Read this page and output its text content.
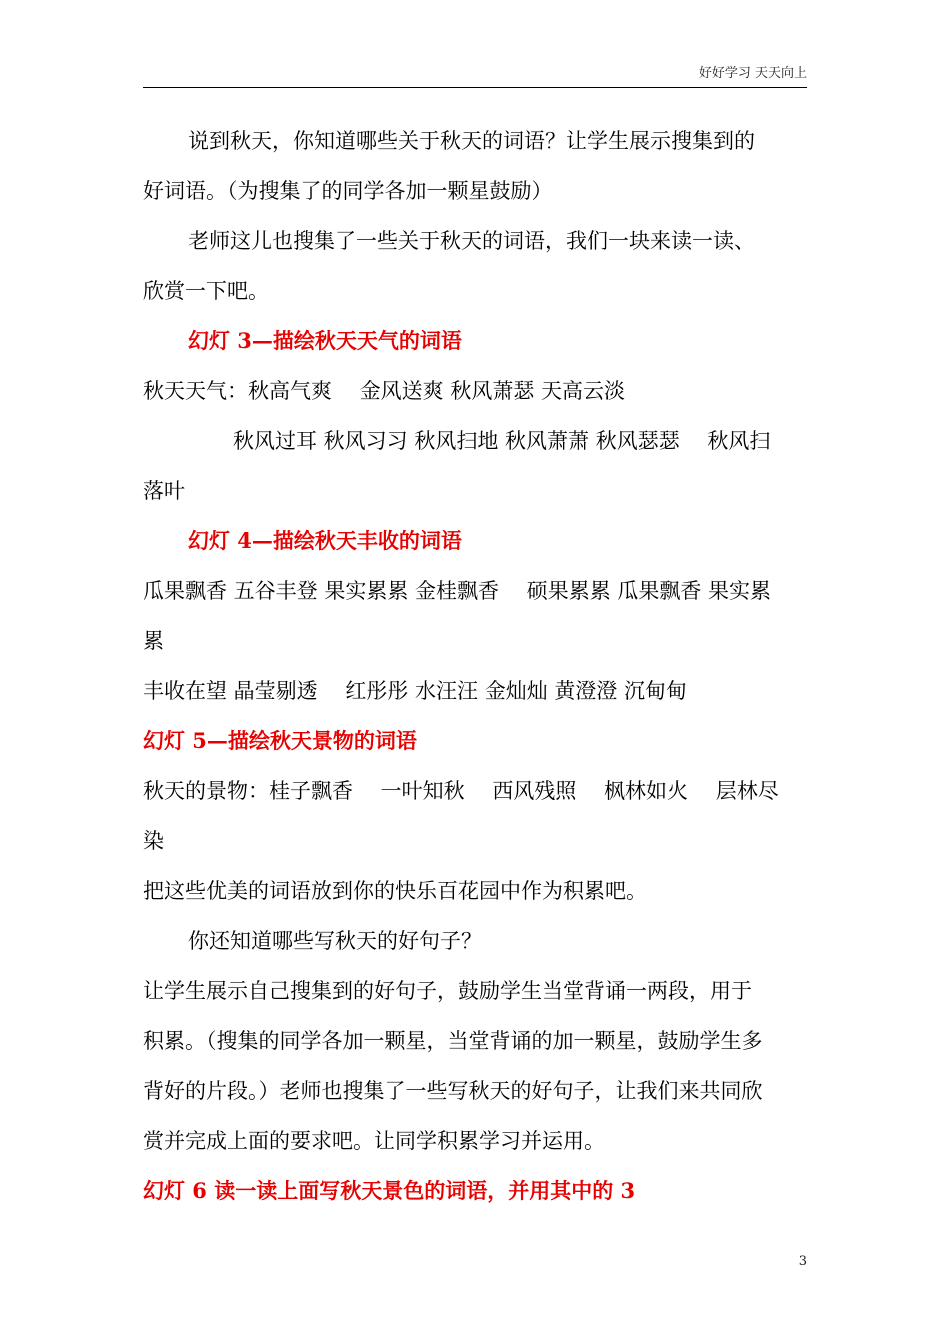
好好学习 天天向上
说到秋天，你知道哪些关于秋天的词语？让学生展示搜集到的
好词语。（为搜集了的同学各加一颗星鼓励）
老师这儿也搜集了一些关于秋天的词语，我们一块来读一读、
欣赏一下吧。
幻灯 3—描绘秋天天气的词语
秋天天气：秋高气爽　 金风送爽 秋风萧瑟 天高云淡
秋风过耳 秋风习习 秋风扫地 秋风萧萧 秋风瑟瑟　 秋风扫
落叶
幻灯 4—描绘秋天丰收的词语
瓜果飘香 五谷丰登 果实累累 金桂飘香　 硕果累累 瓜果飘香 果实累
累
丰收在望 晶莹剔透　 红彤彤 水汪汪 金灿灿 黄澄澄 沉甸甸
幻灯 5—描绘秋天景物的词语
秋天的景物：桂子飘香　 一叶知秋　 西风残照　 枫林如火　 层林尽
染
把这些优美的词语放到你的快乐百花园中作为积累吧。
你还知道哪些写秋天的好句子？
让学生展示自己搜集到的好句子，鼓励学生当堂背诵一两段，用于
积累。（搜集的同学各加一颗星，当堂背诵的加一颗星，鼓励学生多
背好的片段。）老师也搜集了一些写秋天的好句子，让我们来共同欣
赏并完成上面的要求吧。让同学积累学习并运用。
幻灯 6 读一读上面写秋天景色的词语，并用其中的 3
3
